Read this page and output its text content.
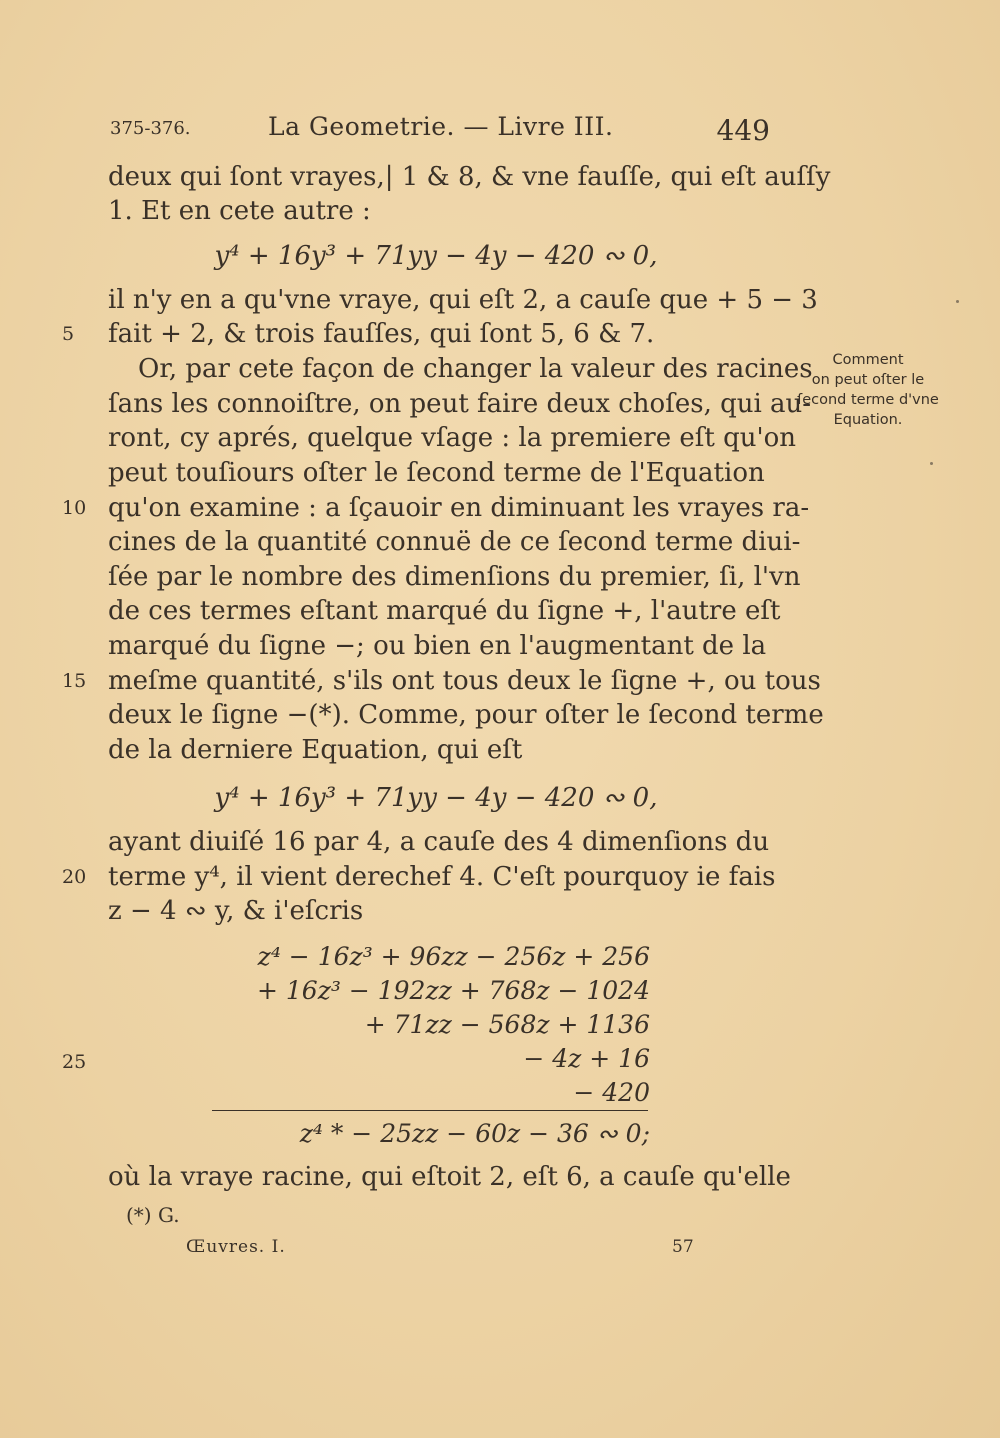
375-376.	La Geometrie. — Livre III.	449
deux qui ſont vrayes,| 1 & 8, & vne fauſſe, qui eſt auſſy
1. Et en cete autre :
y⁴ + 16y³ + 71yy − 4y − 420 ∾ 0,
il n'y en a qu'vne vraye, qui eſt 2, a cauſe que + 5 − 3
fait + 2, & trois fauſſes, qui ſont 5, 6 & 7.
Or, par cete façon de changer la valeur des racines
ſans les connoiſtre, on peut faire deux choſes, qui au-
ront, cy aprés, quelque vſage : la premiere eſt qu'on
peut touſiours oſter le ſecond terme de l'Equation
qu'on examine : a ſçauoir en diminuant les vrayes ra-
cines de la quantité connuë de ce ſecond terme diui-
ſée par le nombre des dimenſions du premier, ſi, l'vn
de ces termes eſtant marqué du ſigne +, l'autre eſt
marqué du ſigne −; ou bien en l'augmentant de la
meſme quantité, s'ils ont tous deux le ſigne +, ou tous
deux le ſigne −(*). Comme, pour oſter le ſecond terme
de la derniere Equation, qui eſt
y⁴ + 16y³ + 71yy − 4y − 420 ∾ 0,
ayant diuiſé 16 par 4, a cauſe des 4 dimenſions du
terme y⁴, il vient derechef 4. C'eſt pourquoy ie fais
z − 4 ∾ y, & i'eſcris
z⁴ − 16z³ + 96zz − 256z + 256
+ 16z³ − 192zz + 768z − 1024
+ 71zz − 568z + 1136
− 4z + 16
− 420
z⁴ * − 25zz − 60z − 36 ∾ 0;
où la vraye racine, qui eſtoit 2, eſt 6, a cauſe qu'elle
5
10
15
20
25
Comment
on peut oſter le
ſecond terme d'vne
Equation.
(*) G.
Œuvres. I.	57
